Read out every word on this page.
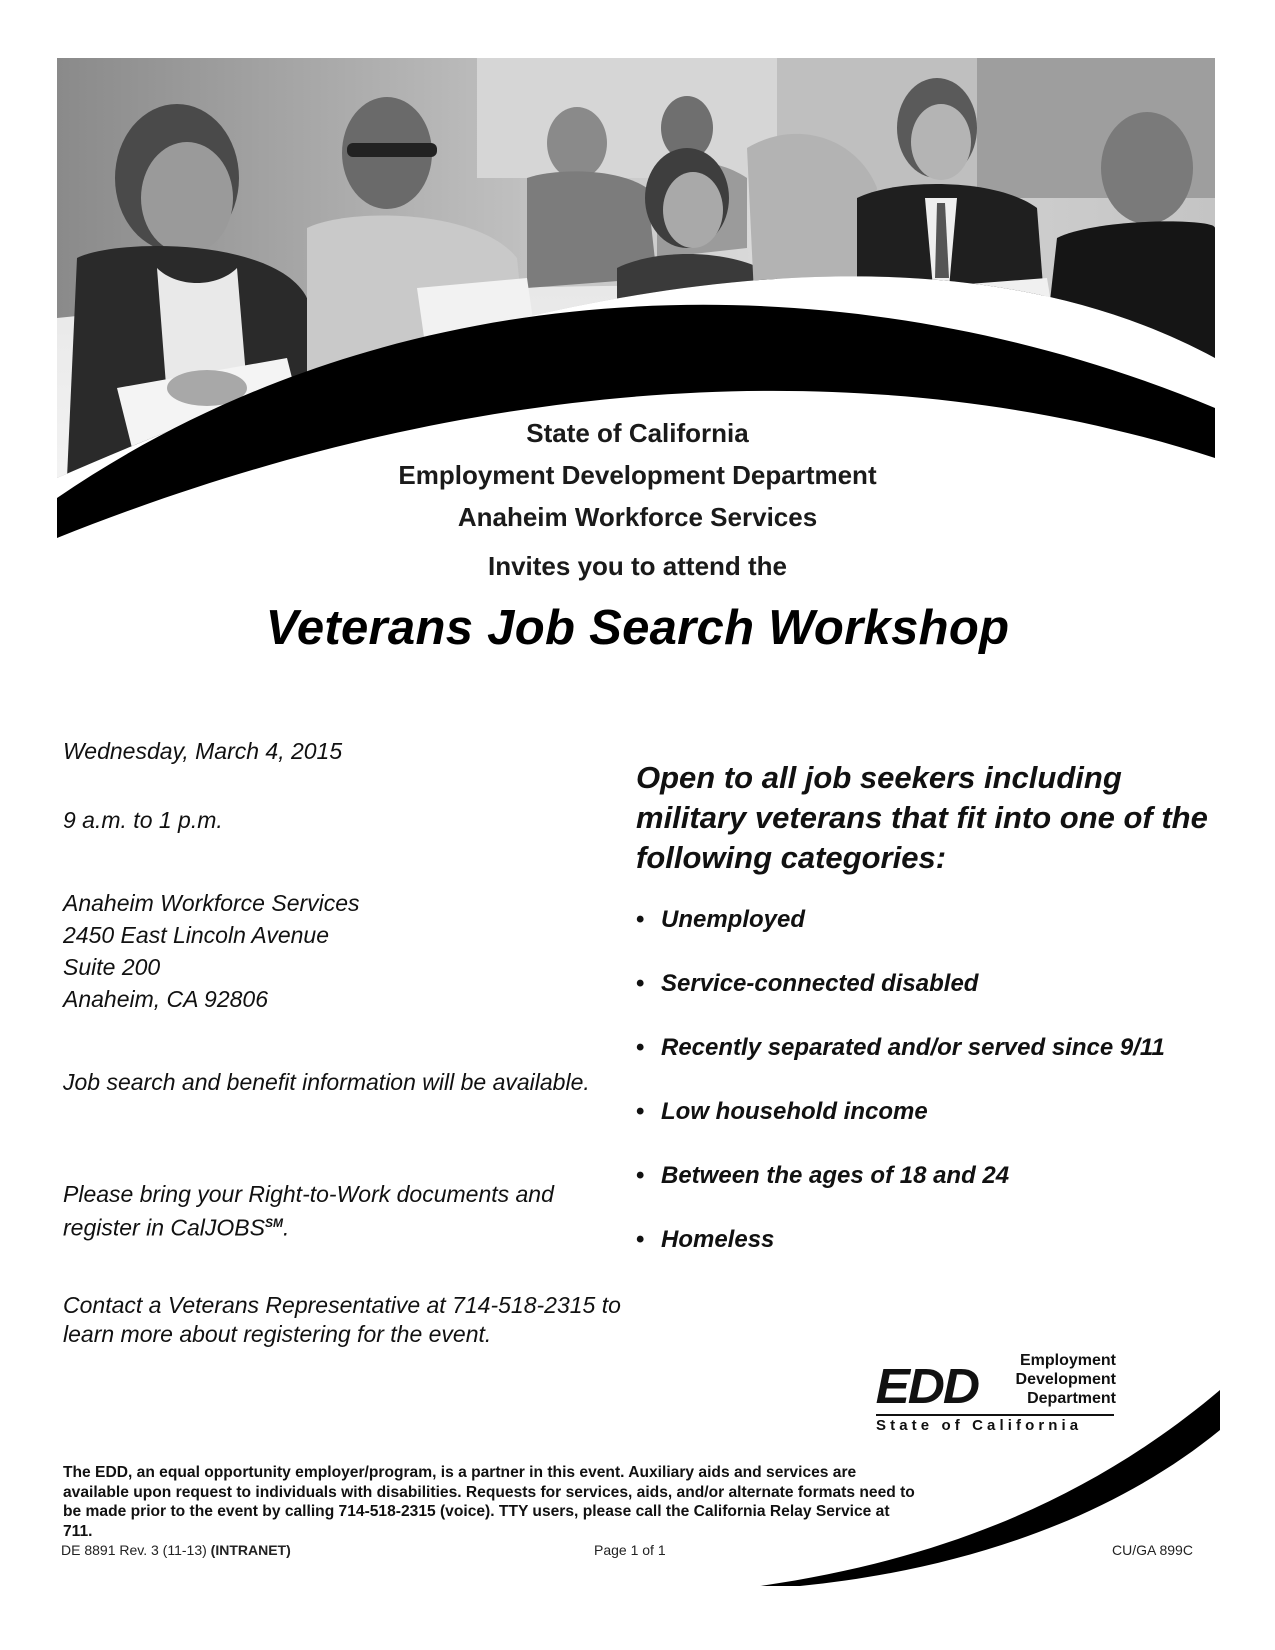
State of California
Employment Development Department
Anaheim Workforce Services
Invites you to attend the
Veterans Job Search Workshop
Wednesday, March 4, 2015
9 a.m. to 1 p.m.
Anaheim Workforce Services
2450 East Lincoln Avenue
Suite 200
Anaheim, CA 92806
Job search and benefit information will be available.
Please bring your Right-to-Work documents and register in CalJOBS℠.
Contact a Veterans Representative at 714-518-2315 to learn more about registering for the event.
Open to all job seekers including military veterans that fit into one of the following categories:
• Unemployed
• Service-connected disabled
• Recently separated and/or served since 9/11
• Low household income
• Between the ages of 18 and 24
• Homeless
EDD	Employment
Development
Department
State of California
The EDD, an equal opportunity employer/program, is a partner in this event. Auxiliary aids and services are available upon request to individuals with disabilities. Requests for services, aids, and/or alternate formats need to be made prior to the event by calling 714-518-2315 (voice). TTY users, please call the California Relay Service at 711.
DE 8891 Rev. 3 (11-13) (INTRANET)	Page 1 of 1	CU/GA 899C
